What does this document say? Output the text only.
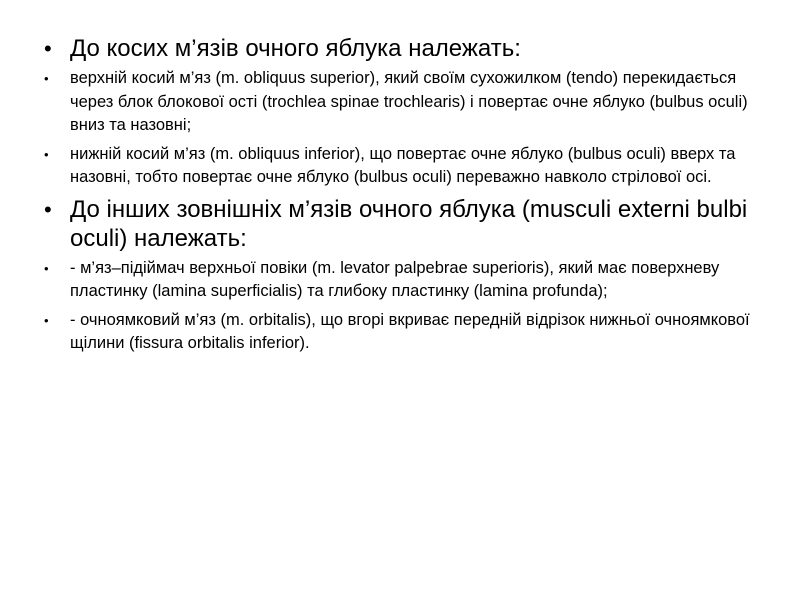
• До косих м’язів очного яблука належать:
• верхній косий м’яз (m. obliquus superior), який своїм сухожилком (tendo) перекидається через блок блокової ості (trochlea spinae trochlearis) і повертає очне яблуко (bulbus oculi) вниз та назовні;
• нижній косий м’яз (m. obliquus inferior), що повертає очне яблуко (bulbus oculi) вверх та назовні, тобто повертає очне яблуко (bulbus oculi) переважно навколо стрілової осі.
• До інших зовнішніх м’язів очного яблука (musculi externi bulbi oculi) належать:
• - м’яз–підіймач верхньої повіки (m. levator palpebrae superioris), який має поверхневу пластинку (lamina superficialis) та глибоку пластинку (lamina profunda);
• - очноямковий м’яз (m. orbitalis), що вгорі вкриває передній відрізок нижньої очноямкової щілини (fissura orbitalis inferior).
